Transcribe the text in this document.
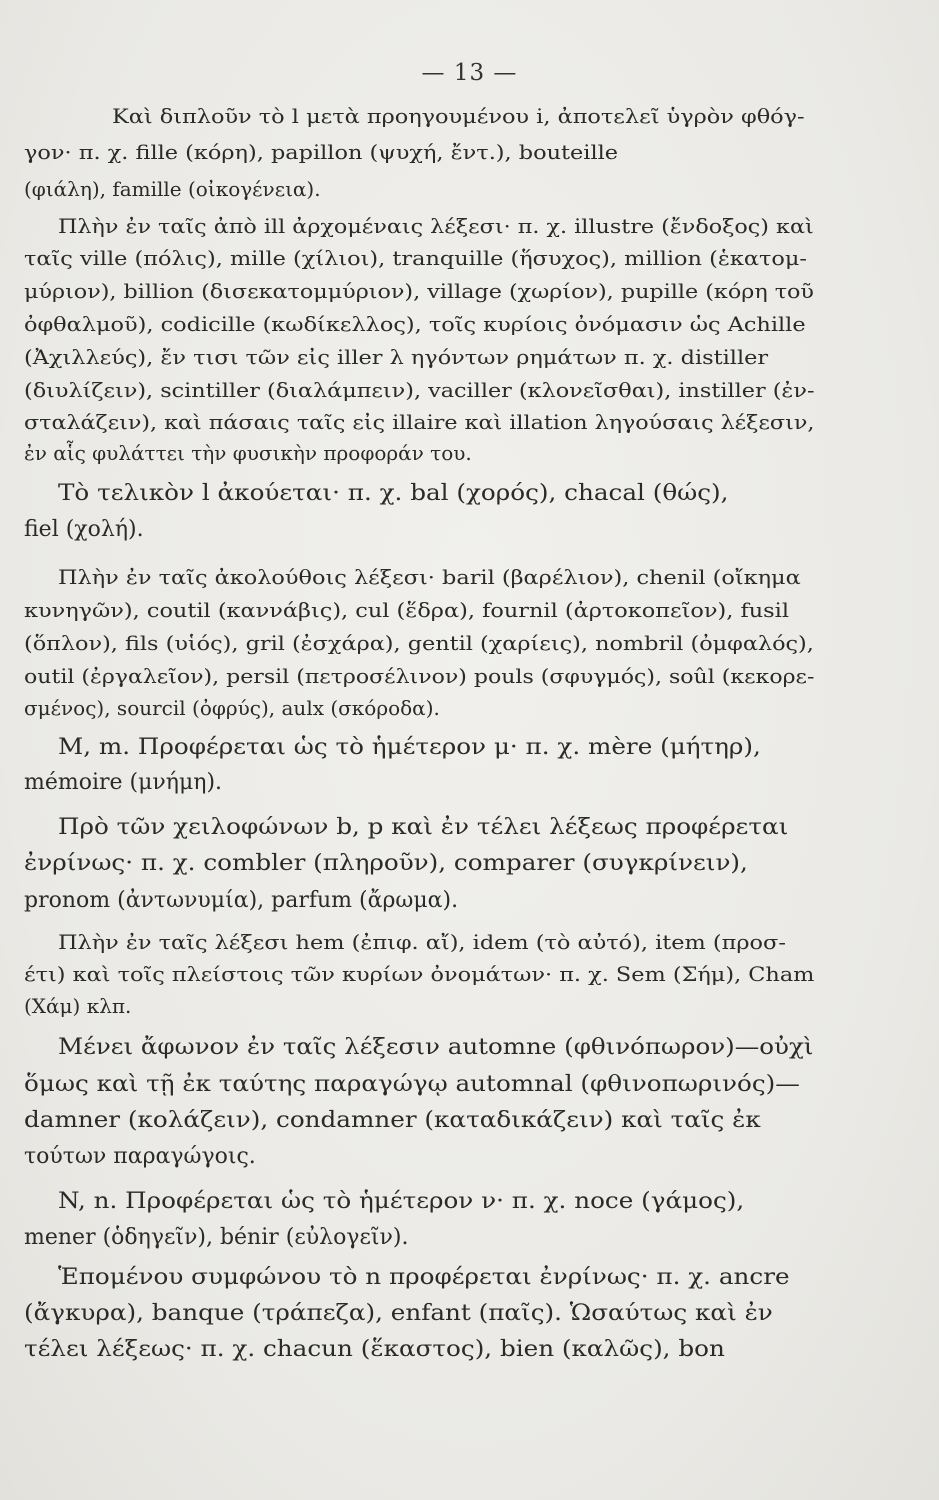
— 13 —
Καὶ διπλοῦν τὸ l μετὰ προηγουμένου i, ἀποτελεῖ ὑγρὸν φθόγ-
γον· π. χ. fille (κόρη), papillon (ψυχή, ἔντ.), bouteille
(φιάλη), famille (οἰκογένεια).
Πλὴν ἐν ταῖς ἀπὸ ill ἀρχομέναις λέξεσι· π. χ. illustre (ἔνδοξος) καὶ
ταῖς ville (πόλις), mille (χίλιοι), tranquille (ἥσυχος), million (ἑκατομ-
μύριον), billion (δισεκατομμύριον), village (χωρίον), pupille (κόρη τοῦ
ὀφθαλμοῦ), codicille (κωδίκελλος), τοῖς κυρίοις ὀνόμασιν ὡς Achille
(Ἀχιλλεύς), ἔν τισι τῶν εἰς iller λ ηγόντων ρημάτων π. χ. distiller
(διυλίζειν), scintiller (διαλάμπειν), vaciller (κλονεῖσθαι), instiller (ἐν-
σταλάζειν), καὶ πάσαις ταῖς εἰς illaire καὶ illation ληγούσαις λέξεσιν,
ἐν αἷς φυλάττει τὴν φυσικὴν προφοράν του.
Τὸ τελικὸν l ἀκούεται· π. χ. bal (χορός), chacal (θώς),
fiel (χολή).
Πλὴν ἐν ταῖς ἀκολούθοις λέξεσι· baril (βαρέλιον), chenil (οἴκημα
κυνηγῶν), coutil (καννάβις), cul (ἕδρα), fournil (ἀρτοκοπεῖον), fusil
(ὅπλον), fils (υἱός), gril (ἐσχάρα), gentil (χαρίεις), nombril (ὀμφαλός),
outil (ἐργαλεῖον), persil (πετροσέλινον) pouls (σφυγμός), soûl (κεκορε-
σμένος), sourcil (ὀφρύς), aulx (σκόροδα).
M, m. Προφέρεται ὡς τὸ ἡμέτερον μ· π. χ. mère (μήτηρ),
mémoire (μνήμη).
Πρὸ τῶν χειλοφώνων b, p καὶ ἐν τέλει λέξεως προφέρεται
ἐνρίνως· π. χ. combler (πληροῦν), comparer (συγκρίνειν),
pronom (ἀντωνυμία), parfum (ἄρωμα).
Πλὴν ἐν ταῖς λέξεσι hem (ἐπιφ. αἴ), idem (τὸ αὐτό), item (προσ-
έτι) καὶ τοῖς πλείστοις τῶν κυρίων ὀνομάτων· π. χ. Sem (Σήμ), Cham
(Χάμ) κλπ.
Μένει ἄφωνον ἐν ταῖς λέξεσιν automne (φθινόπωρον)—οὐχὶ
ὅμως καὶ τῇ ἐκ ταύτης παραγώγῳ automnal (φθινοπωρινός)—
damner (κολάζειν), condamner (καταδικάζειν) καὶ ταῖς ἐκ
τούτων παραγώγοις.
N, n. Προφέρεται ὡς τὸ ἡμέτερον ν· π. χ. noce (γάμος),
mener (ὁδηγεῖν), bénir (εὐλογεῖν).
Ἑπομένου συμφώνου τὸ n προφέρεται ἐνρίνως· π. χ. ancre
(ἄγκυρα), banque (τράπεζα), enfant (παῖς). Ὡσαύτως καὶ ἐν
τέλει λέξεως· π. χ. chacun (ἕκαστος), bien (καλῶς), bon
